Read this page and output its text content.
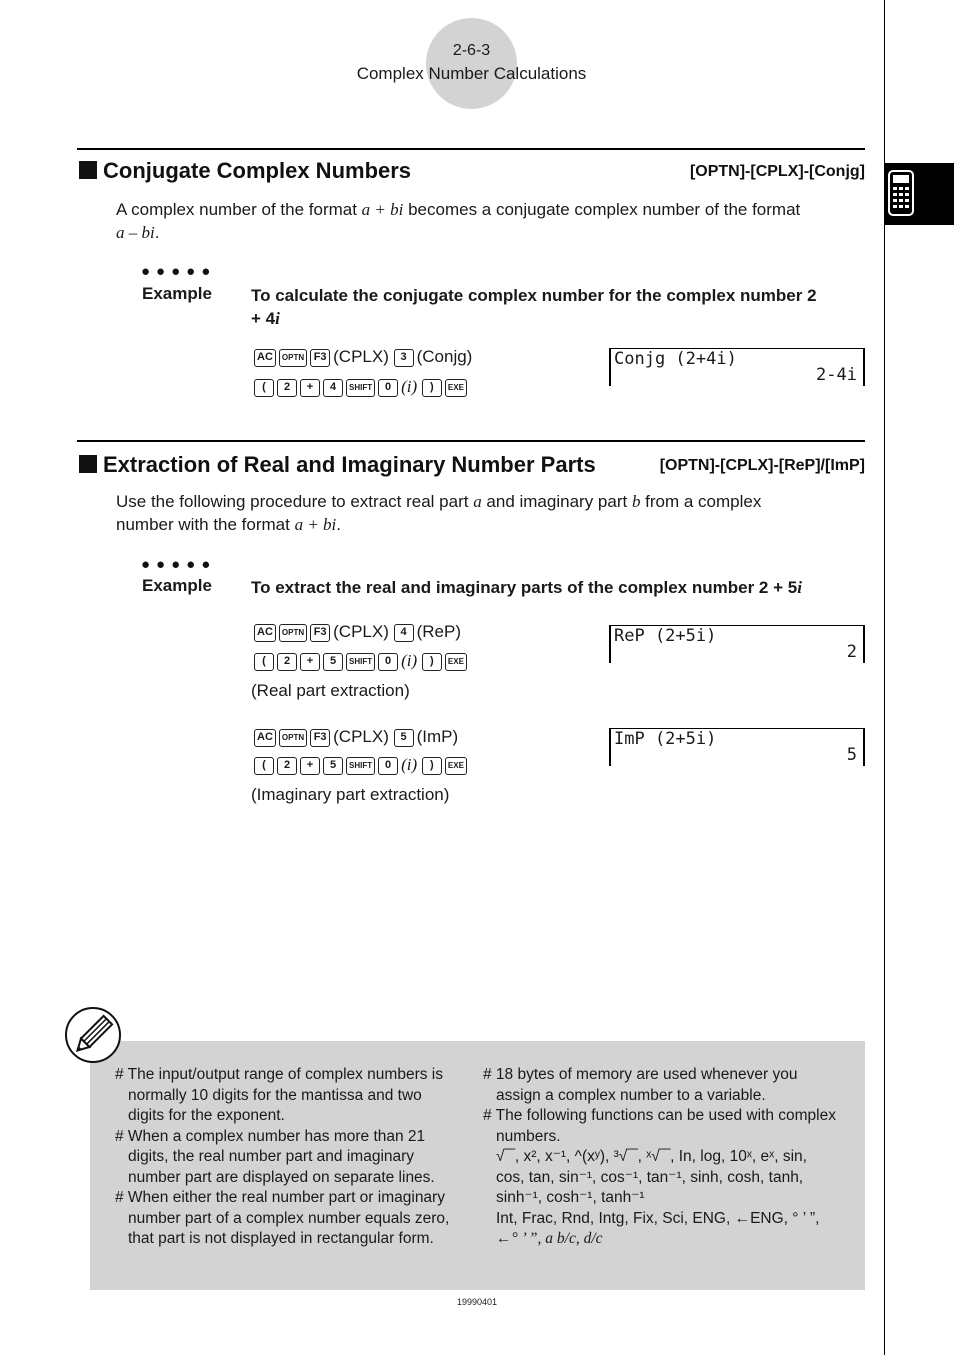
2-6-3
Complex Number Calculations
Conjugate Complex Numbers	[OPTN]-[CPLX]-[Conjg]
A complex number of the format a + bi becomes a conjugate complex number of the format
a – bi.
●●●●●
Example To calculate the conjugate complex number for the complex number 2
+ 4i
AC OPTN F3 (CPLX) 3 (Conjg)
( 2 + 4 SHIFT 0 (i) ) EXE
Conjg (2+4i)
2-4i
Extraction of Real and Imaginary Number Parts	[OPTN]-[CPLX]-[ReP]/[ImP]
Use the following procedure to extract real part a and imaginary part b from a complex
number with the format a + bi.
●●●●●
Example To extract the real and imaginary parts of the complex number 2 + 5i
AC OPTN F3 (CPLX) 4 (ReP)
( 2 + 5 SHIFT 0 (i) ) EXE
(Real part extraction)
ReP (2+5i)
2
AC OPTN F3 (CPLX) 5 (ImP)
( 2 + 5 SHIFT 0 (i) ) EXE
(Imaginary part extraction)
ImP (2+5i)
5

# The input/output range of complex numbers is normally 10 digits for the mantissa and two digits for the exponent.

# When a complex number has more than 21 digits, the real number part and imaginary number part are displayed on separate lines.

# When either the real number part or imaginary number part of a complex number equals zero, that part is not displayed in rectangular form.

# 18 bytes of memory are used whenever you assign a complex number to a variable.

# The following functions can be used with complex numbers.

√‾‾, x², x⁻¹, ^(xʸ), ³√‾‾, ˣ√‾‾, In, log, 10ˣ, eˣ, sin,
cos, tan, sin⁻¹, cos⁻¹, tan⁻¹, sinh, cosh, tanh,
sinh⁻¹, cosh⁻¹, tanh⁻¹
Int, Frac, Rnd, Intg, Fix, Sci, ENG, ←ENG, ° ’ ”,
←° ’ ”, a b/c, d/c
19990401
